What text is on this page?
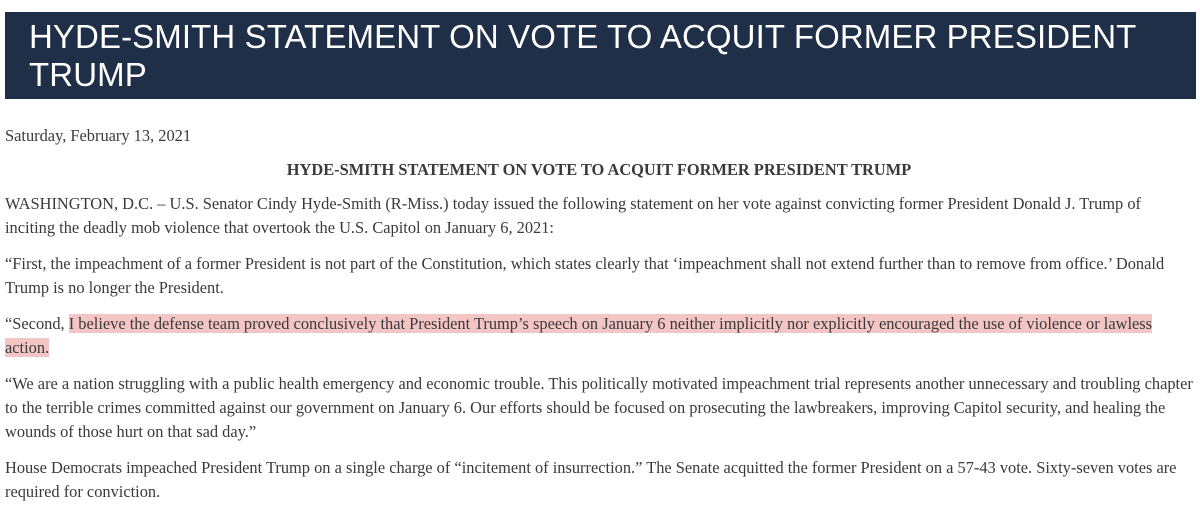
HYDE-SMITH STATEMENT ON VOTE TO ACQUIT FORMER PRESIDENT TRUMP

Saturday, February 13, 2021

HYDE-SMITH STATEMENT ON VOTE TO ACQUIT FORMER PRESIDENT TRUMP

WASHINGTON, D.C. – U.S. Senator Cindy Hyde-Smith (R-Miss.) today issued the following statement on her vote against convicting former President Donald J. Trump of inciting the deadly mob violence that overtook the U.S. Capitol on January 6, 2021:

“First, the impeachment of a former President is not part of the Constitution, which states clearly that ‘impeachment shall not extend further than to remove from office.’ Donald Trump is no longer the President.

“Second, I believe the defense team proved conclusively that President Trump’s speech on January 6 neither implicitly nor explicitly encouraged the use of violence or lawless action.

“We are a nation struggling with a public health emergency and economic trouble. This politically motivated impeachment trial represents another unnecessary and troubling chapter to the terrible crimes committed against our government on January 6. Our efforts should be focused on prosecuting the lawbreakers, improving Capitol security, and healing the wounds of those hurt on that sad day.”

House Democrats impeached President Trump on a single charge of “incitement of insurrection.” The Senate acquitted the former President on a 57-43 vote. Sixty-seven votes are required for conviction.
